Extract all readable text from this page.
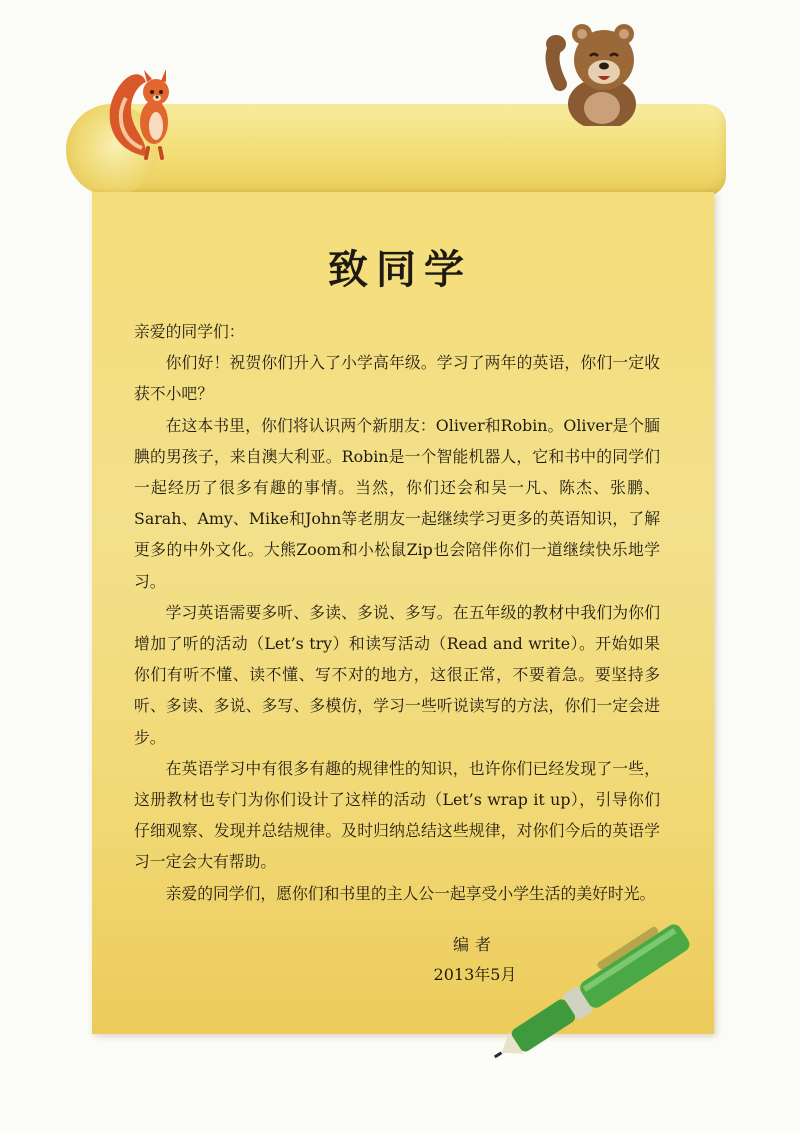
致同学

亲爱的同学们：

你们好！祝贺你们升入了小学高年级。学习了两年的英语，你们一定收获不小吧？

在这本书里，你们将认识两个新朋友：Oliver和Robin。Oliver是个腼腆的男孩子，来自澳大利亚。Robin是一个智能机器人，它和书中的同学们一起经历了很多有趣的事情。当然，你们还会和吴一凡、陈杰、张鹏、Sarah、Amy、Mike和John等老朋友一起继续学习更多的英语知识，了解更多的中外文化。大熊Zoom和小松鼠Zip也会陪伴你们一道继续快乐地学习。

学习英语需要多听、多读、多说、多写。在五年级的教材中我们为你们增加了听的活动（Let’s try）和读写活动（Read and write）。开始如果你们有听不懂、读不懂、写不对的地方，这很正常，不要着急。要坚持多听、多读、多说、多写、多模仿，学习一些听说读写的方法，你们一定会进步。

在英语学习中有很多有趣的规律性的知识，也许你们已经发现了一些，这册教材也专门为你们设计了这样的活动（Let’s wrap it up），引导你们仔细观察、发现并总结规律。及时归纳总结这些规律，对你们今后的英语学习一定会大有帮助。

亲爱的同学们，愿你们和书里的主人公一起享受小学生活的美好时光。

编者
2013年5月
